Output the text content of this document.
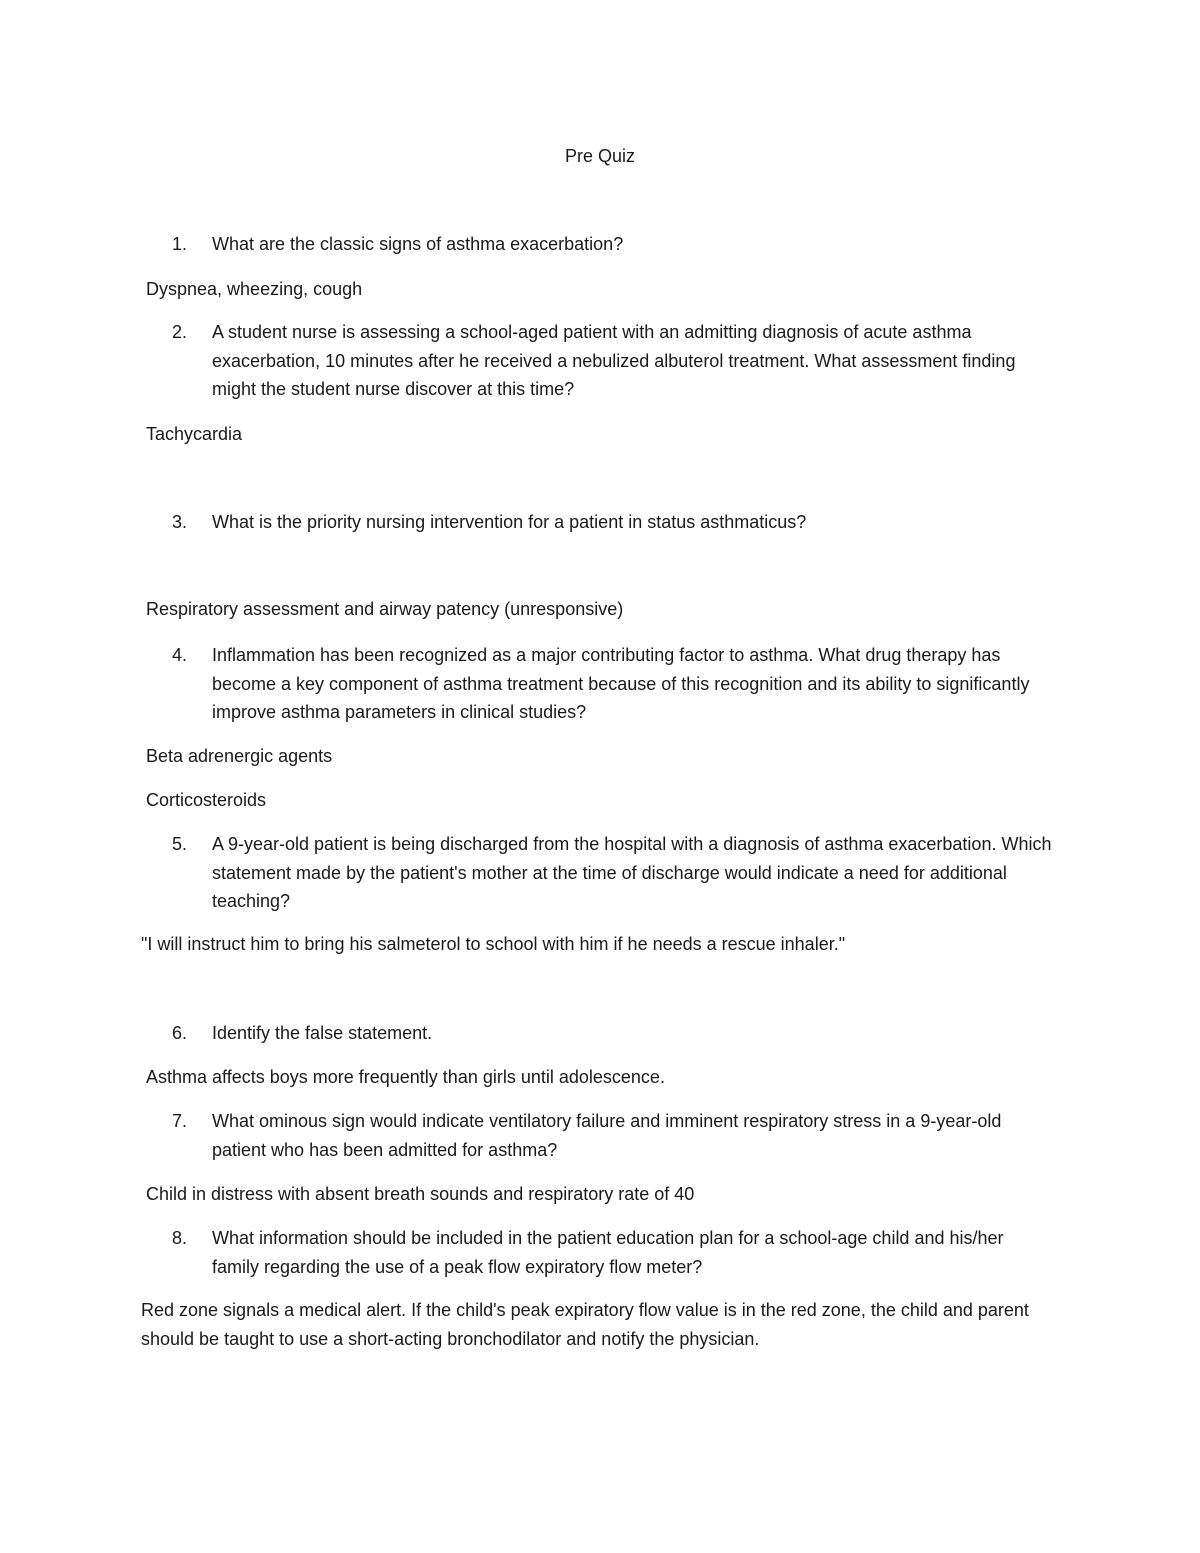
Pre Quiz
1.	What are the classic signs of asthma exacerbation?
Dyspnea, wheezing, cough
2.	A student nurse is assessing a school-aged patient with an admitting diagnosis of acute asthma exacerbation, 10 minutes after he received a nebulized albuterol treatment. What assessment finding might the student nurse discover at this time?
Tachycardia
3.	What is the priority nursing intervention for a patient in status asthmaticus?
Respiratory assessment and airway patency (unresponsive)
4.	Inflammation has been recognized as a major contributing factor to asthma. What drug therapy has become a key component of asthma treatment because of this recognition and its ability to significantly improve asthma parameters in clinical studies?
Beta adrenergic agents
Corticosteroids
5.	A 9-year-old patient is being discharged from the hospital with a diagnosis of asthma exacerbation. Which statement made by the patient's mother at the time of discharge would indicate a need for additional teaching?
"I will instruct him to bring his salmeterol to school with him if he needs a rescue inhaler."
6.	Identify the false statement.
Asthma affects boys more frequently than girls until adolescence.
7.	What ominous sign would indicate ventilatory failure and imminent respiratory stress in a 9-year-old patient who has been admitted for asthma?
Child in distress with absent breath sounds and respiratory rate of 40
8.	What information should be included in the patient education plan for a school-age child and his/her family regarding the use of a peak flow expiratory flow meter?
Red zone signals a medical alert. If the child's peak expiratory flow value is in the red zone, the child and parent should be taught to use a short-acting bronchodilator and notify the physician.
